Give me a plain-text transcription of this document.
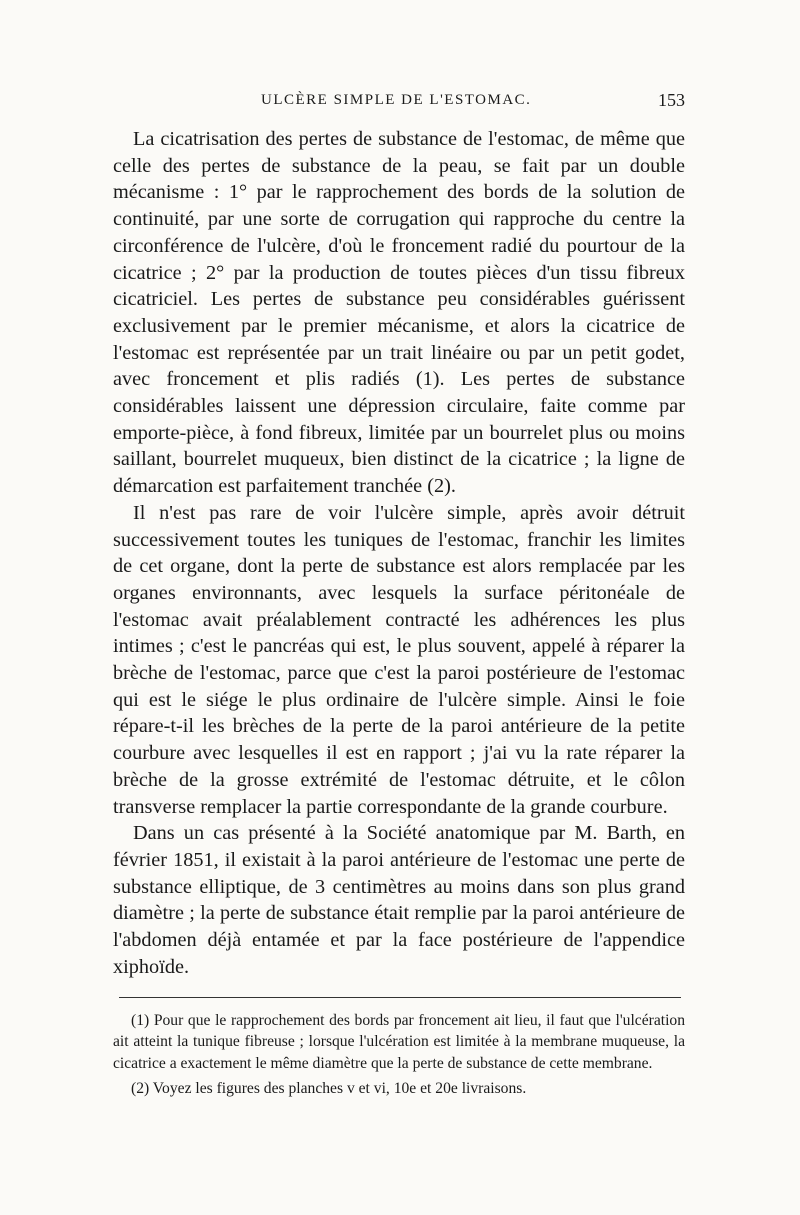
ULCÈRE SIMPLE DE L'ESTOMAC.	153

La cicatrisation des pertes de substance de l'estomac, de même que celle des pertes de substance de la peau, se fait par un double mécanisme : 1° par le rapprochement des bords de la solution de continuité, par une sorte de corrugation qui rapproche du centre la circonférence de l'ulcère, d'où le froncement radié du pourtour de la cicatrice ; 2° par la production de toutes pièces d'un tissu fibreux cicatriciel. Les pertes de substance peu considérables guérissent exclusivement par le premier mécanisme, et alors la cicatrice de l'estomac est représentée par un trait linéaire ou par un petit godet, avec froncement et plis radiés (1). Les pertes de substance considérables laissent une dépression circulaire, faite comme par emporte-pièce, à fond fibreux, limitée par un bourrelet plus ou moins saillant, bourrelet muqueux, bien distinct de la cicatrice ; la ligne de démarcation est parfaitement tranchée (2).

Il n'est pas rare de voir l'ulcère simple, après avoir détruit successivement toutes les tuniques de l'estomac, franchir les limites de cet organe, dont la perte de substance est alors remplacée par les organes environnants, avec lesquels la surface péritonéale de l'estomac avait préalablement contracté les adhérences les plus intimes ; c'est le pancréas qui est, le plus souvent, appelé à réparer la brèche de l'estomac, parce que c'est la paroi postérieure de l'estomac qui est le siége le plus ordinaire de l'ulcère simple. Ainsi le foie répare-t-il les brèches de la perte de la paroi antérieure de la petite courbure avec lesquelles il est en rapport ; j'ai vu la rate réparer la brèche de la grosse extrémité de l'estomac détruite, et le côlon transverse remplacer la partie correspondante de la grande courbure.

Dans un cas présenté à la Société anatomique par M. Barth, en février 1851, il existait à la paroi antérieure de l'estomac une perte de substance elliptique, de 3 centimètres au moins dans son plus grand diamètre ; la perte de substance était remplie par la paroi antérieure de l'abdomen déjà entamée et par la face postérieure de l'appendice xiphoïde.

(1) Pour que le rapprochement des bords par froncement ait lieu, il faut que l'ulcération ait atteint la tunique fibreuse ; lorsque l'ulcération est limitée à la membrane muqueuse, la cicatrice a exactement le même diamètre que la perte de substance de cette membrane.

(2) Voyez les figures des planches v et vi, 10e et 20e livraisons.
